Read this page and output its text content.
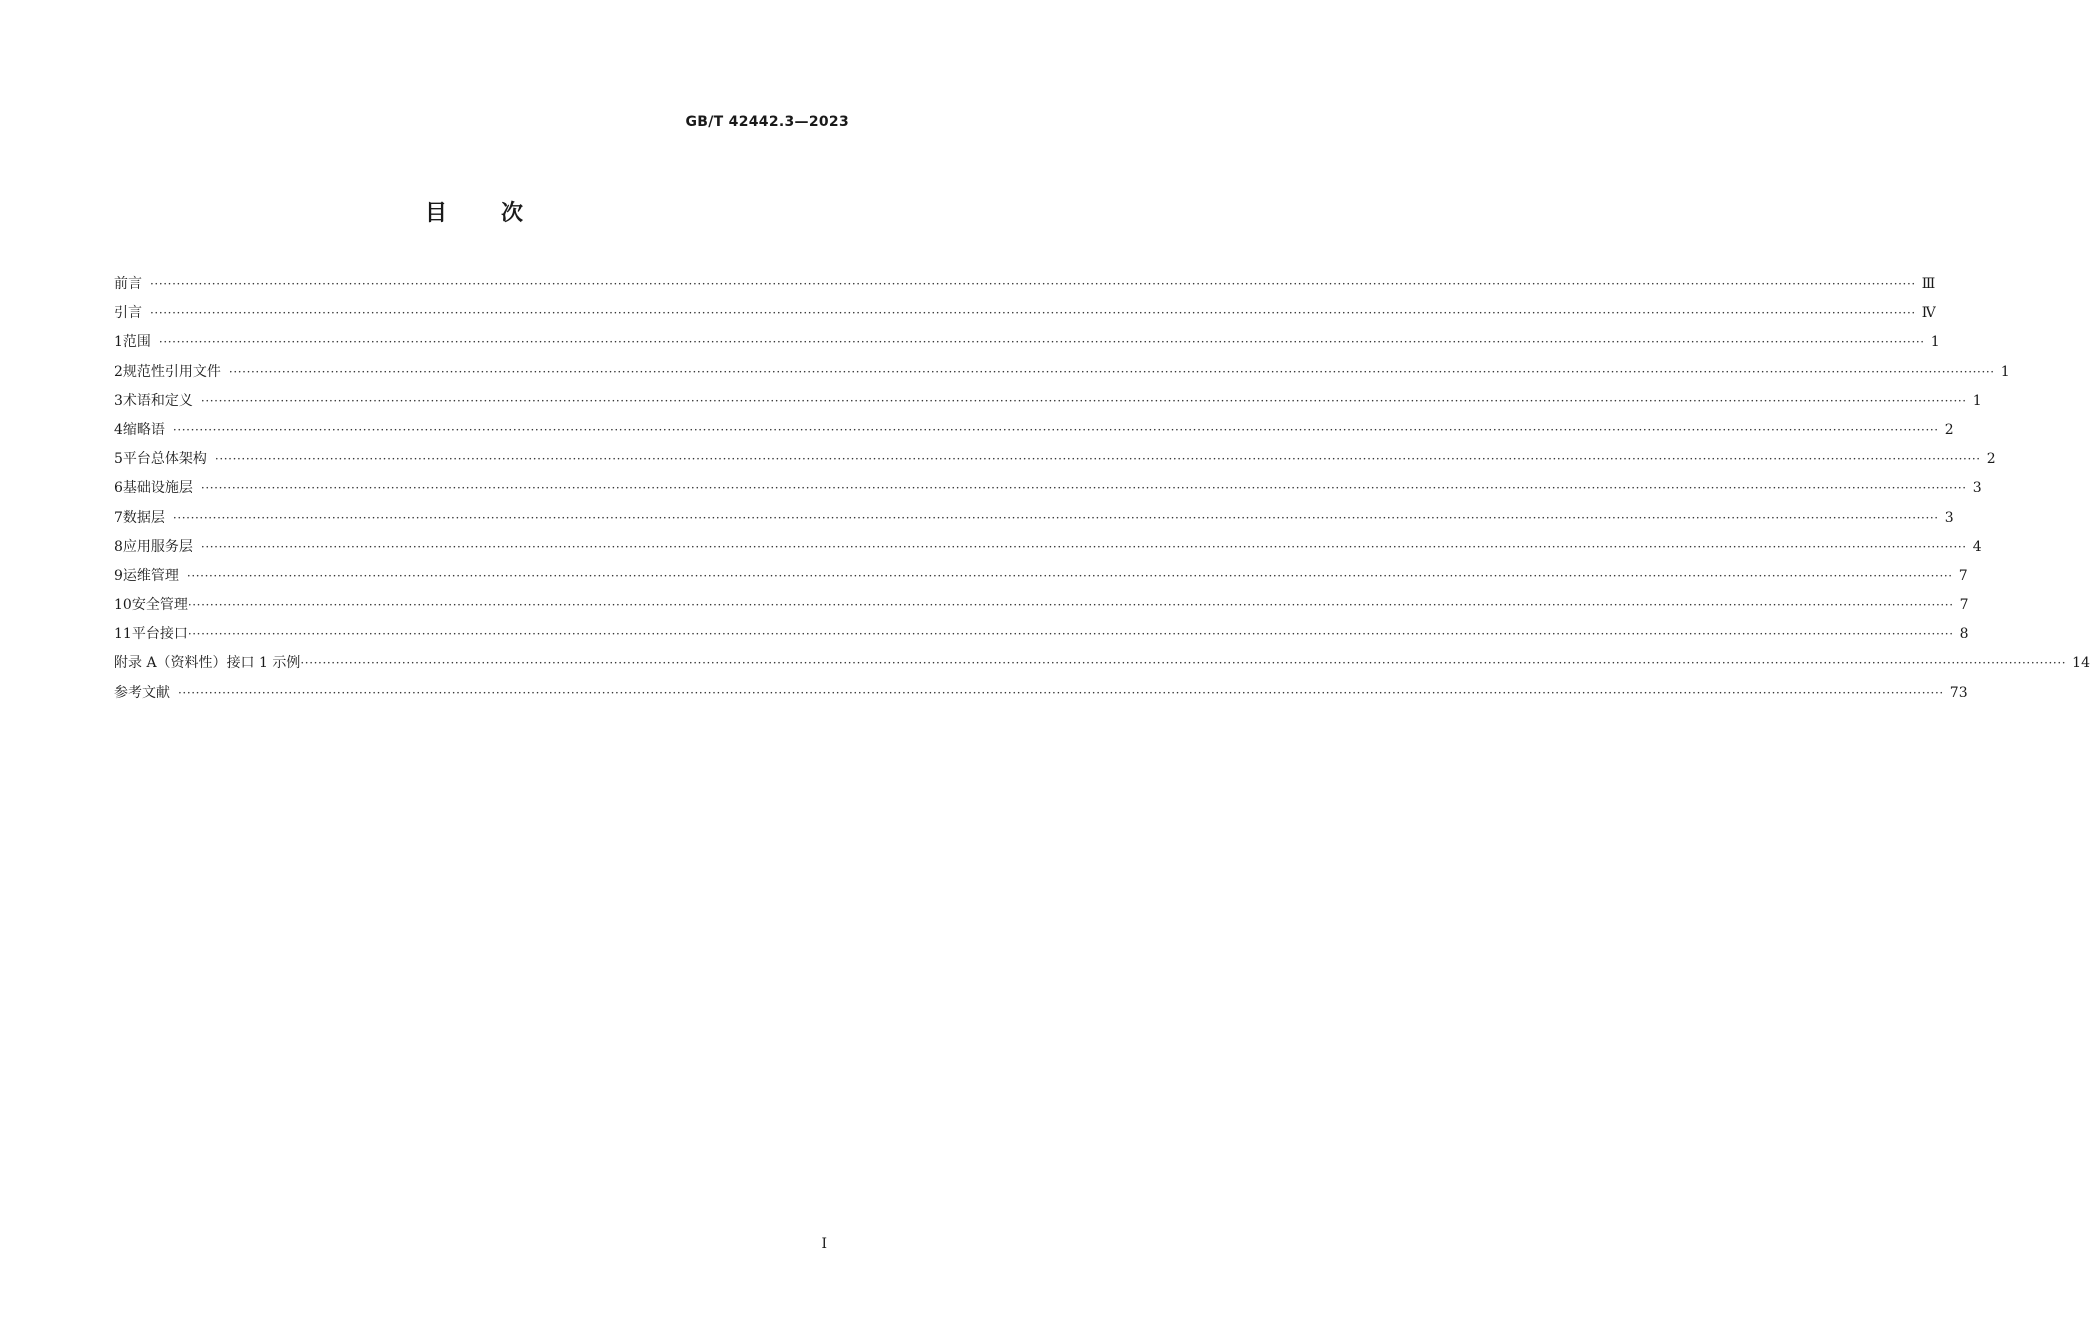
GB/T 42442.3—2023
目 次
前言 ················································································································································································································································································································································································································ Ⅲ
引言 ················································································································································································································································································································································································································ Ⅳ
1 范围 ················································································································································································································································································································································································································ 1
2 规范性引用文件 ················································································································································································································································································································································································································ 1
3 术语和定义 ················································································································································································································································································································································································································ 1
4 缩略语 ················································································································································································································································································································································································································ 2
5 平台总体架构 ················································································································································································································································································································································································································ 2
6 基础设施层 ················································································································································································································································································································································································································ 3
7 数据层 ················································································································································································································································································································································································································ 3
8 应用服务层 ················································································································································································································································································································································································································ 4
9 运维管理 ················································································································································································································································································································································································································ 7
10 安全管理 ················································································································································································································································································································································································································ 7
11 平台接口 ················································································································································································································································································································································································································ 8
附录 A（资料性） 接口 1 示例 ················································································································································································································································································································································································································ 14
参考文献 ················································································································································································································································································································································································································ 73
Ⅰ
